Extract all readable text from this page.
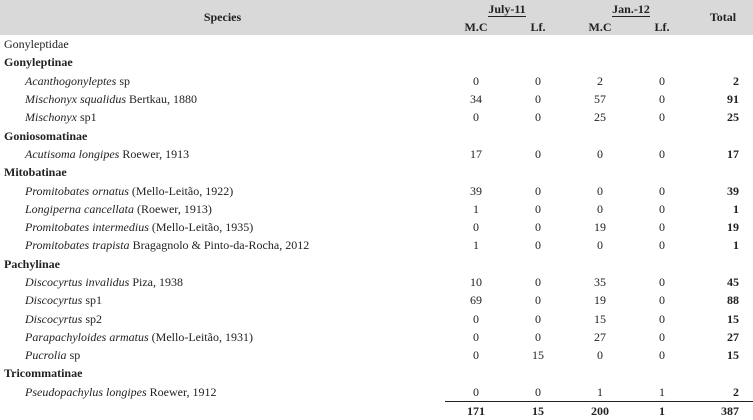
Species	July-11		Jan.-12		Total
	M.C	Lf.	M.C	Lf.	
Gonyleptidae					
Gonyleptinae					
Acanthogonyleptes sp	0	0	2	0	2
Mischonyx squalidus Bertkau, 1880	34	0	57	0	91
Mischonyx sp1	0	0	25	0	25
Goniosomatinae					
Acutisoma longipes Roewer, 1913	17	0	0	0	17
Mitobatinae					
Promitobates ornatus (Mello-Leitão, 1922)	39	0	0	0	39
Longiperna cancellata (Roewer, 1913)	1	0	0	0	1
Promitobates intermedius (Mello-Leitão, 1935)	0	0	19	0	19
Promitobates trapista Bragagnolo & Pinto-da-Rocha, 2012	1	0	0	0	1
Pachylinae					
Discocyrtus invalidus Piza, 1938	10	0	35	0	45
Discocyrtus sp1	69	0	19	0	88
Discocyrtus sp2	0	0	15	0	15
Parapachyloides armatus (Mello-Leitão, 1931)	0	0	27	0	27
Pucrolia sp	0	15	0	0	15
Tricommatinae					
Pseudopachylus longipes Roewer, 1912	0	0	1	1	2
	171	15	200	1	387
